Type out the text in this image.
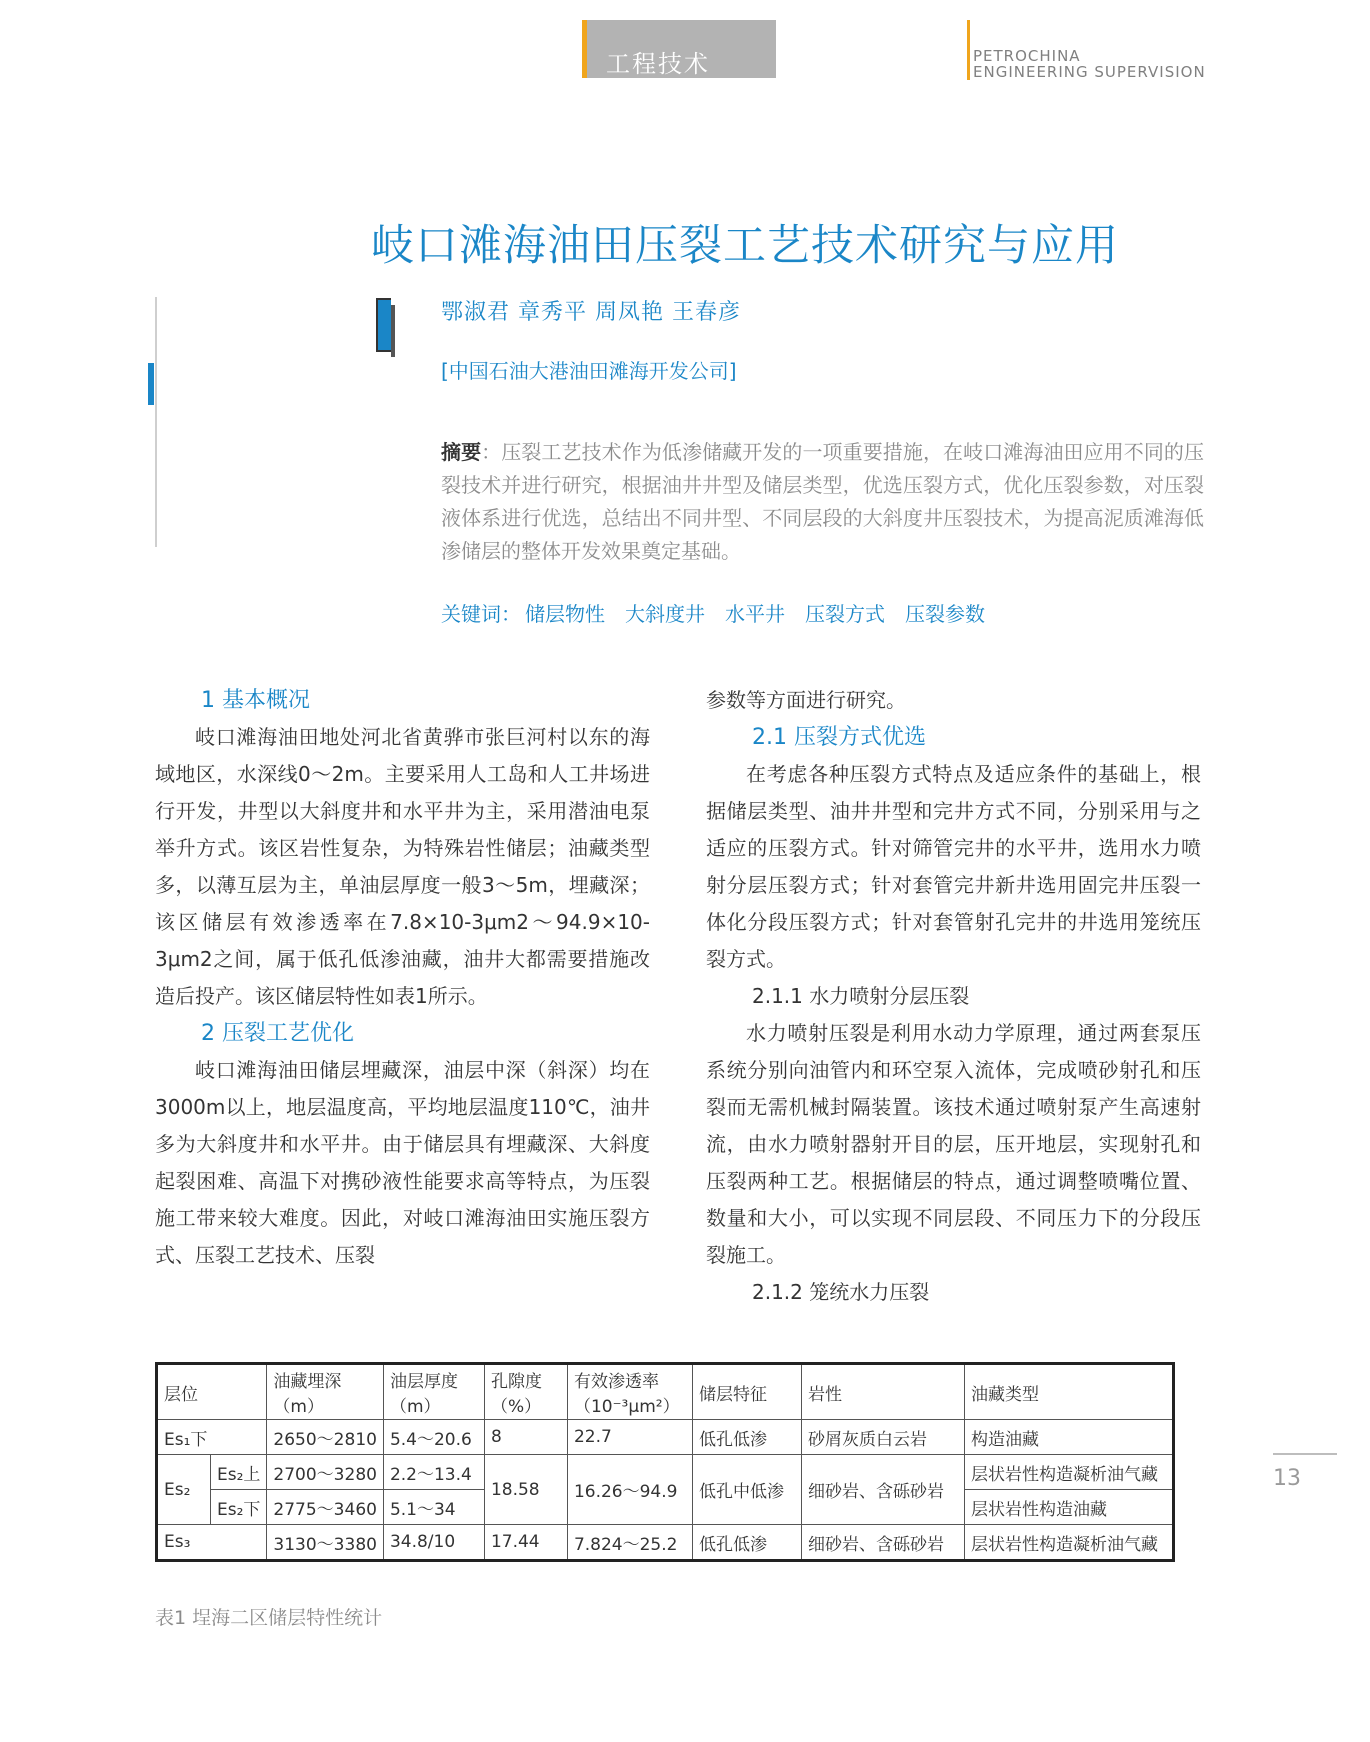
工程技术	PETROCHINA
ENGINEERING SUPERVISION
岐口滩海油田压裂工艺技术研究与应用
鄂淑君 章秀平 周凤艳 王春彦
[中国石油大港油田滩海开发公司]
摘要：压裂工艺技术作为低渗储藏开发的一项重要措施，在岐口滩海油田应用不同的压裂技术并进行研究，根据油井井型及储层类型，优选压裂方式，优化压裂参数，对压裂液体系进行优选，总结出不同井型、不同层段的大斜度井压裂技术，为提高泥质滩海低渗储层的整体开发效果奠定基础。
关键词： 储层物性 大斜度井 水平井 压裂方式 压裂参数
1 基本概况

岐口滩海油田地处河北省黄骅市张巨河村以东的海域地区，水深线0～2m。主要采用人工岛和人工井场进行开发，井型以大斜度井和水平井为主，采用潜油电泵举升方式。该区岩性复杂，为特殊岩性储层；油藏类型多，以薄互层为主，单油层厚度一般3～5m，埋藏深；该区储层有效渗透率在7.8×10-3μm2～94.9×10-3μm2之间，属于低孔低渗油藏，油井大都需要措施改造后投产。该区储层特性如表1所示。

2 压裂工艺优化

岐口滩海油田储层埋藏深，油层中深（斜深）均在3000m以上，地层温度高，平均地层温度110℃，油井多为大斜度井和水平井。由于储层具有埋藏深、大斜度起裂困难、高温下对携砂液性能要求高等特点，为压裂施工带来较大难度。因此，对岐口滩海油田实施压裂方式、压裂工艺技术、压裂

参数等方面进行研究。

2.1 压裂方式优选

在考虑各种压裂方式特点及适应条件的基础上，根据储层类型、油井井型和完井方式不同，分别采用与之适应的压裂方式。针对筛管完井的水平井，选用水力喷射分层压裂方式；针对套管完井新井选用固完井压裂一体化分段压裂方式；针对套管射孔完井的井选用笼统压裂方式。

2.1.1 水力喷射分层压裂

水力喷射压裂是利用水动力学原理，通过两套泵压系统分别向油管内和环空泵入流体，完成喷砂射孔和压裂而无需机械封隔装置。该技术通过喷射泵产生高速射流，由水力喷射器射开目的层，压开地层，实现射孔和压裂两种工艺。根据储层的特点，通过调整喷嘴位置、数量和大小，可以实现不同层段、不同压力下的分段压裂施工。

2.1.2 笼统水力压裂
层位		油藏埋深（m）	油层厚度（m）	孔隙度（%）	有效渗透率（10⁻³μm²）	储层特征	岩性	油藏类型
Es₁下		2650～2810	5.4～20.6	8	22.7	低孔低渗	砂屑灰质白云岩	构造油藏
Es₂	Es₂上	2700～3280	2.2～13.4	18.58	16.26～94.9	低孔中低渗	细砂岩、含砾砂岩	层状岩性构造凝析油气藏
	Es₂下	2775～3460	5.1～34					层状岩性构造油藏
Es₃		3130～3380	34.8/10	17.44	7.824～25.2	低孔低渗	细砂岩、含砾砂岩	层状岩性构造凝析油气藏
表1 埕海二区储层特性统计
13
